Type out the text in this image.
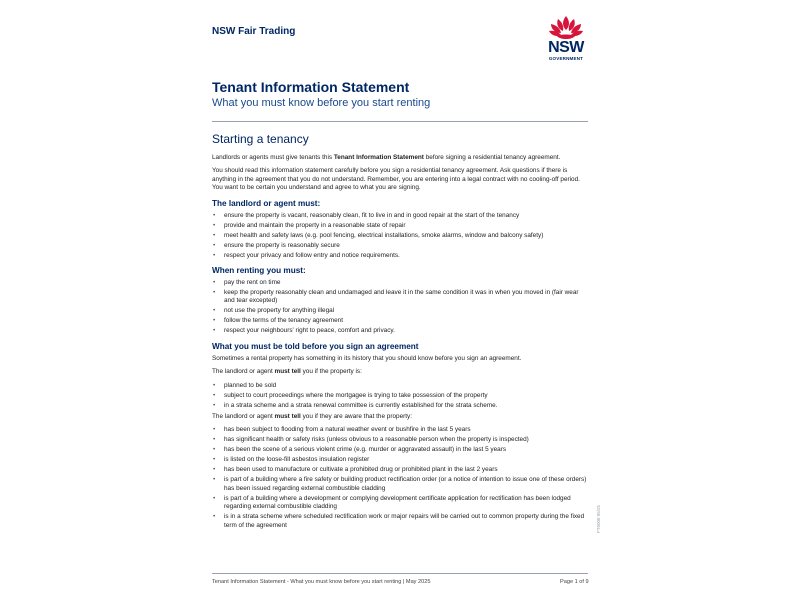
NSW Fair Trading
NSW
GOVERNMENT
Tenant Information Statement
What you must know before you start renting
Starting a tenancy

Landlords or agents must give tenants this Tenant Information Statement before signing a residential tenancy agreement.

You should read this information statement carefully before you sign a residential tenancy agreement. Ask questions if there is anything in the agreement that you do not understand. Remember, you are entering into a legal contract with no cooling-off period. You want to be certain you understand and agree to what you are signing.

The landlord or agent must:
• ensure the property is vacant, reasonably clean, fit to live in and in good repair at the start of the tenancy
• provide and maintain the property in a reasonable state of repair
• meet health and safety laws (e.g. pool fencing, electrical installations, smoke alarms, window and balcony safety)
• ensure the property is reasonably secure
• respect your privacy and follow entry and notice requirements.
When renting you must:
• pay the rent on time
• keep the property reasonably clean and undamaged and leave it in the same condition it was in when you moved in (fair wear and tear excepted)
• not use the property for anything illegal
• follow the terms of the tenancy agreement
• respect your neighbours' right to peace, comfort and privacy.
What you must be told before you sign an agreement

Sometimes a rental property has something in its history that you should know before you sign an agreement.

The landlord or agent must tell you if the property is:

• planned to be sold
• subject to court proceedings where the mortgagee is trying to take possession of the property
• in a strata scheme and a strata renewal committee is currently established for the strata scheme.

The landlord or agent must tell you if they are aware that the property:

• has been subject to flooding from a natural weather event or bushfire in the last 5 years
• has significant health or safety risks (unless obvious to a reasonable person when the property is inspected)
• has been the scene of a serious violent crime (e.g. murder or aggravated assault) in the last 5 years
• is listed on the loose-fill asbestos insulation register
• has been used to manufacture or cultivate a prohibited drug or prohibited plant in the last 2 years
• is part of a building where a fire safety or building product rectification order (or a notice of intention to issue one of these orders) has been issued regarding external combustible cladding
• is part of a building where a development or complying development certificate application for rectification has been lodged regarding external combustible cladding
• is in a strata scheme where scheduled rectification work or major repairs will be carried out to common property during the fixed term of the agreement
Tenant Information Statement - What you must know before you start renting | May 2025	Page 1 of 9
FT6008 05/25
